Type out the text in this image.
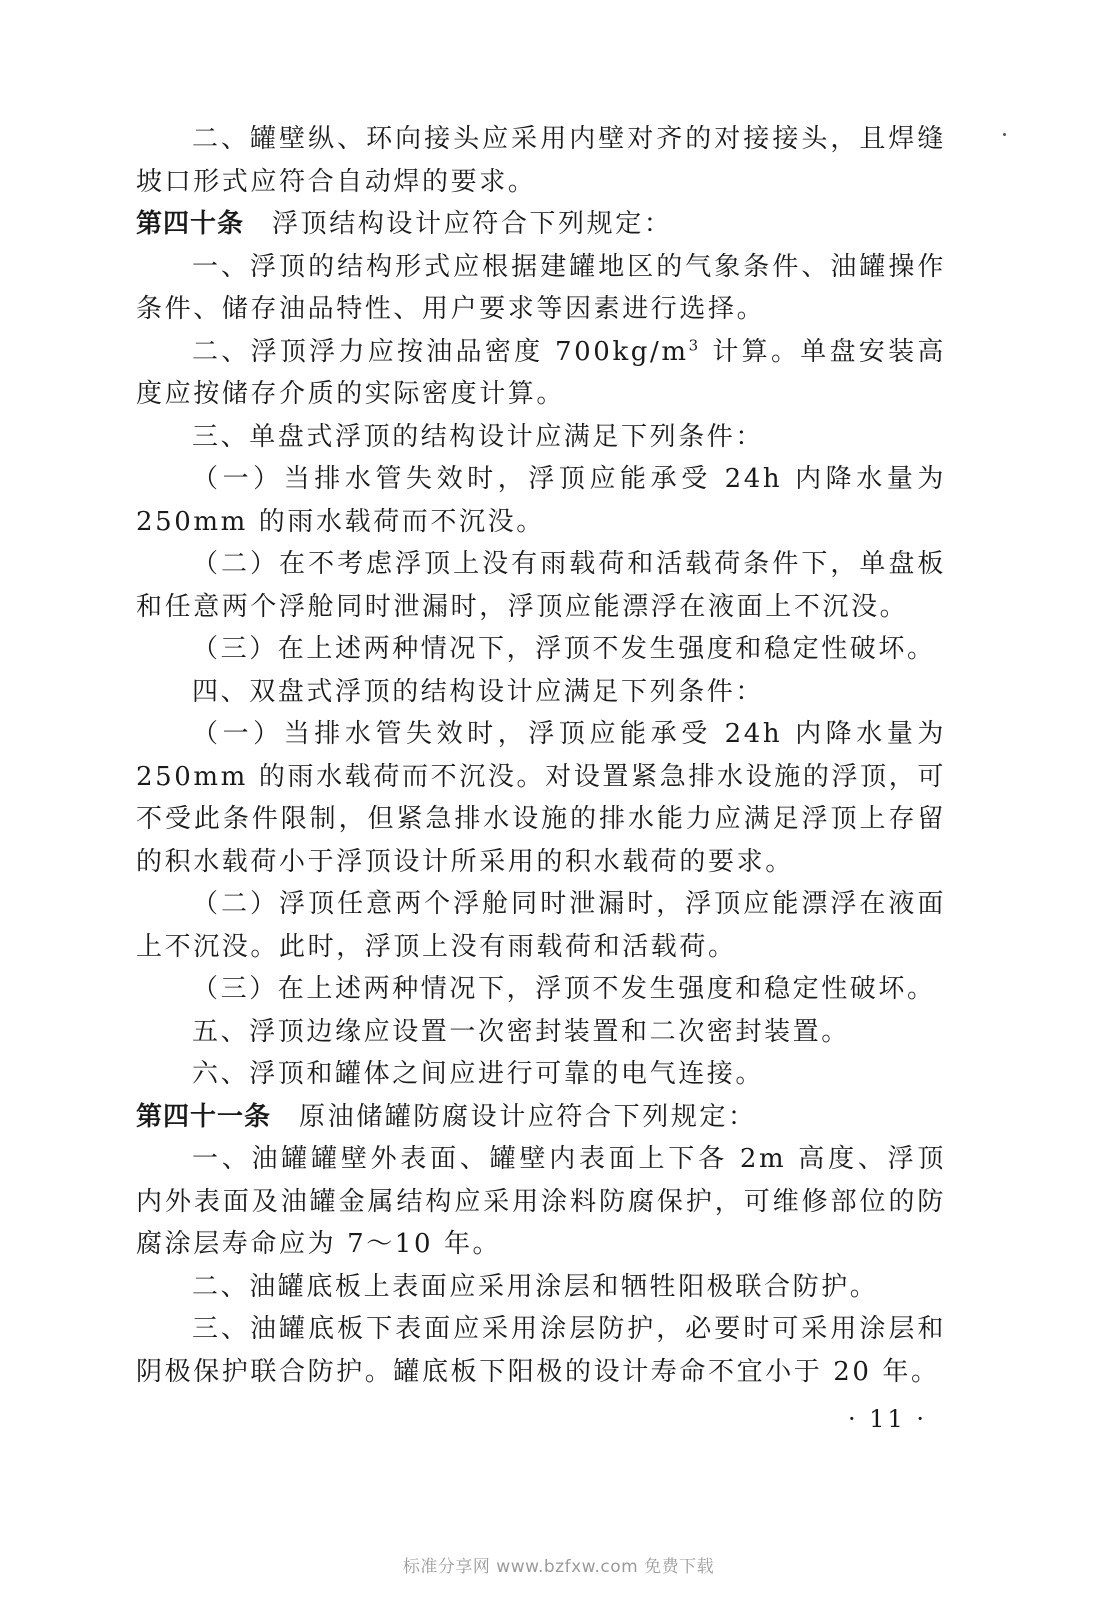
二、罐壁纵、环向接头应采用内壁对齐的对接接头，且焊缝坡口形式应符合自动焊的要求。

第四十条 浮顶结构设计应符合下列规定：

一、浮顶的结构形式应根据建罐地区的气象条件、油罐操作条件、储存油品特性、用户要求等因素进行选择。

二、浮顶浮力应按油品密度 $700kg/m^3$ 计算。单盘安装高度应按储存介质的实际密度计算。

三、单盘式浮顶的结构设计应满足下列条件：

（一）当排水管失效时，浮顶应能承受 24h 内降水量为 250mm 的雨水载荷而不沉没。

（二）在不考虑浮顶上没有雨载荷和活载荷条件下，单盘板和任意两个浮舱同时泄漏时，浮顶应能漂浮在液面上不沉没。

（三）在上述两种情况下，浮顶不发生强度和稳定性破坏。

四、双盘式浮顶的结构设计应满足下列条件：

（一）当排水管失效时，浮顶应能承受 24h 内降水量为 250mm 的雨水载荷而不沉没。对设置紧急排水设施的浮顶，可不受此条件限制，但紧急排水设施的排水能力应满足浮顶上存留的积水载荷小于浮顶设计所采用的积水载荷的要求。

（二）浮顶任意两个浮舱同时泄漏时，浮顶应能漂浮在液面上不沉没。此时，浮顶上没有雨载荷和活载荷。

（三）在上述两种情况下，浮顶不发生强度和稳定性破坏。

五、浮顶边缘应设置一次密封装置和二次密封装置。

六、浮顶和罐体之间应进行可靠的电气连接。

第四十一条 原油储罐防腐设计应符合下列规定：

一、油罐罐壁外表面、罐壁内表面上下各 2m 高度、浮顶内外表面及油罐金属结构应采用涂料防腐保护，可维修部位的防腐涂层寿命应为 7～10 年。

二、油罐底板上表面应采用涂层和牺牲阳极联合防护。

三、油罐底板下表面应采用涂层防护，必要时可采用涂层和阴极保护联合防护。罐底板下阳极的设计寿命不宜小于 20 年。

· 11 ·
标准分享网 www.bzfxw.com 免费下载
